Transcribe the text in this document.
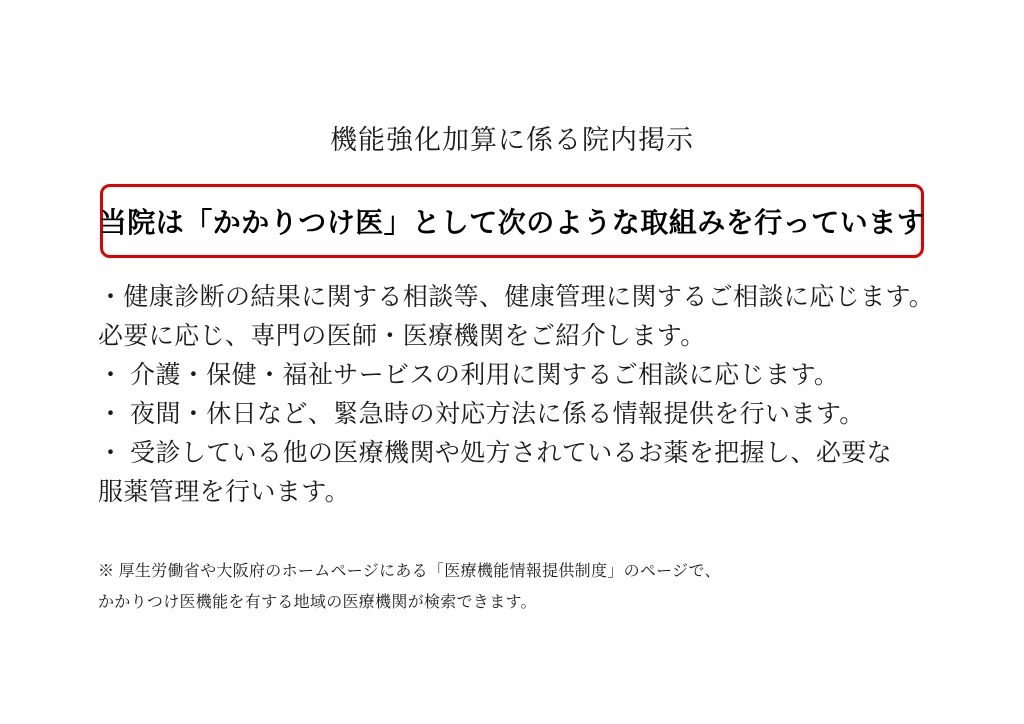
機能強化加算に係る院内掲示
当院は「かかりつけ医」として次のような取組みを行っています
・健康診断の結果に関する相談等、健康管理に関するご相談に応じます。
必要に応じ、専門の医師・医療機関をご紹介します。
・ 介護・保健・福祉サービスの利用に関するご相談に応じます。
・ 夜間・休日など、緊急時の対応方法に係る情報提供を行います。
・ 受診している他の医療機関や処方されているお薬を把握し、必要な
服薬管理を行います。
※ 厚生労働省や大阪府のホームページにある「医療機能情報提供制度」のページで、
かかりつけ医機能を有する地域の医療機関が検索できます。
